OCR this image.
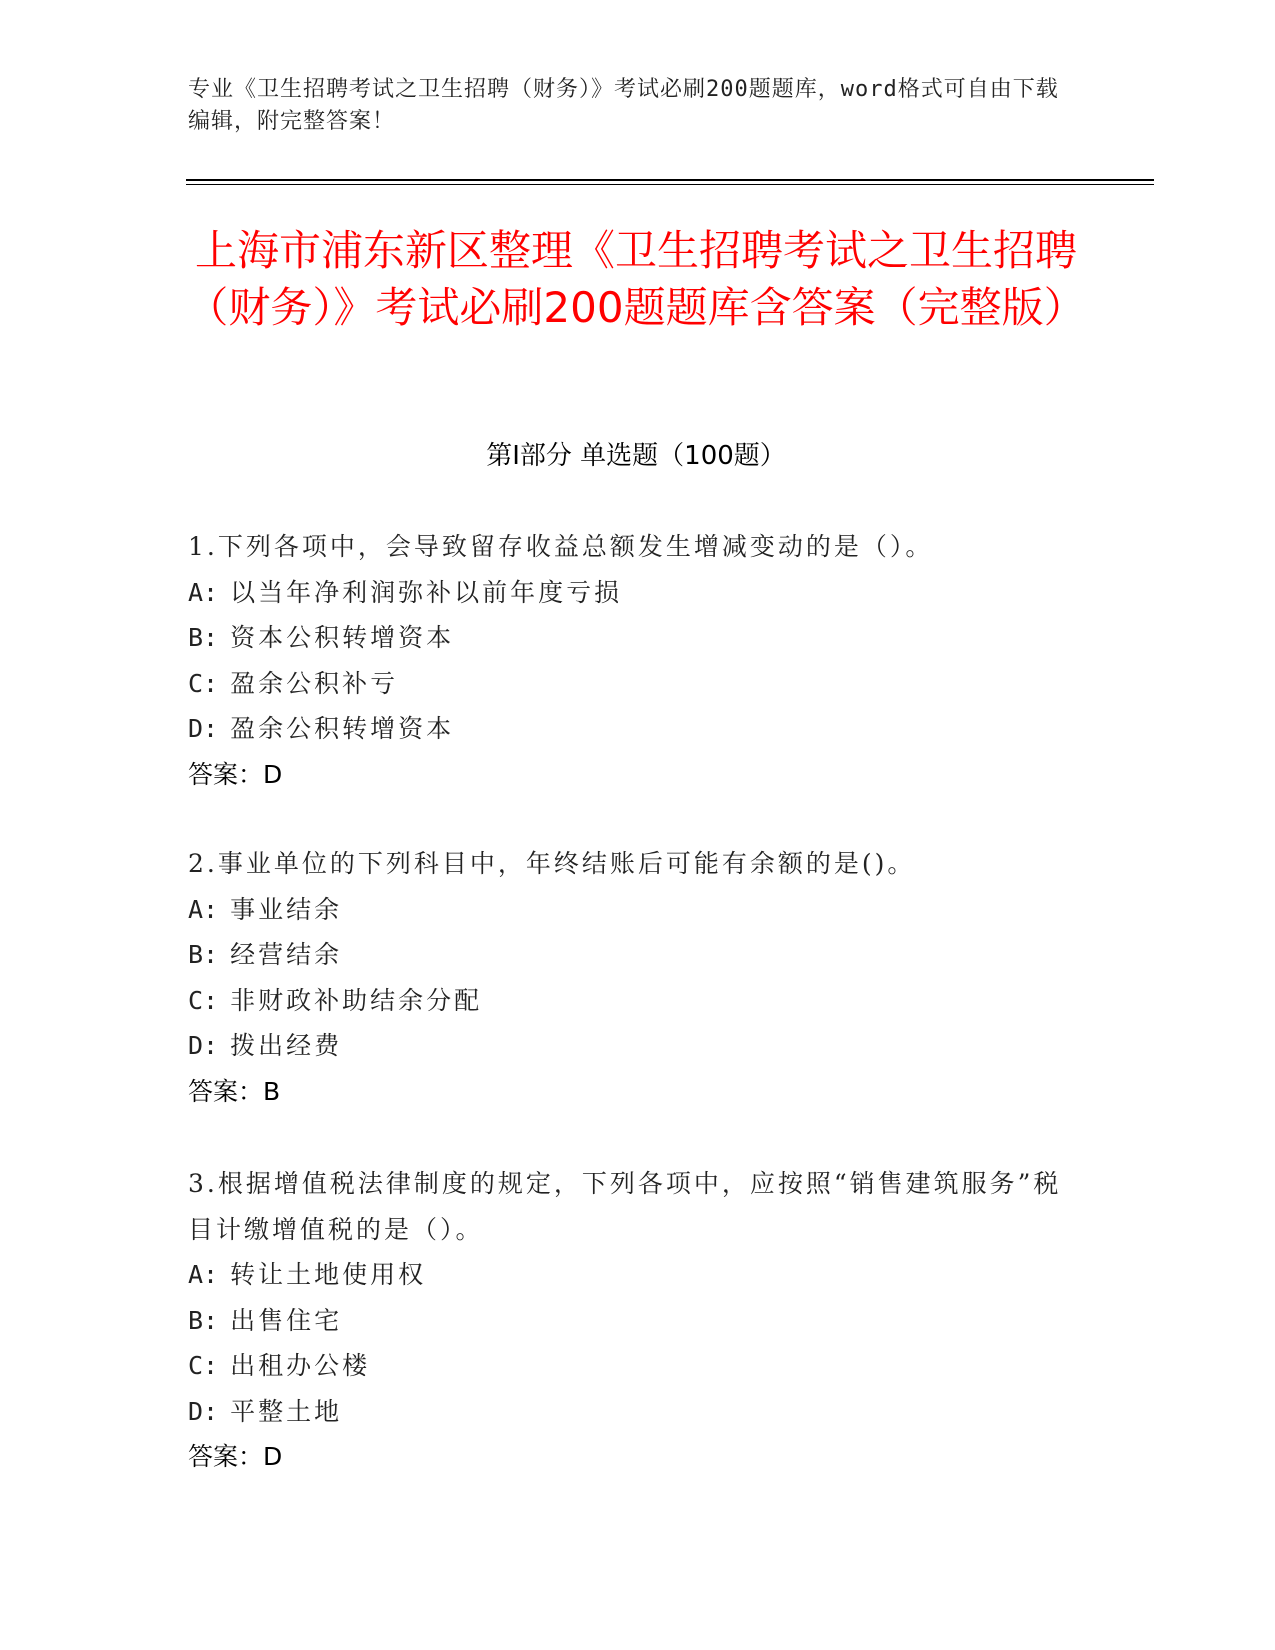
专业《卫生招聘考试之卫生招聘（财务）》考试必刷200题题库，word格式可自由下载编辑，附完整答案！
上海市浦东新区整理《卫生招聘考试之卫生招聘（财务）》考试必刷200题题库含答案（完整版）
第Ⅰ部分 单选题（100题）
1.下列各项中，会导致留存收益总额发生增减变动的是（）。
A: 以当年净利润弥补以前年度亏损
B: 资本公积转增资本
C: 盈余公积补亏
D: 盈余公积转增资本
答案：D
2.事业单位的下列科目中，年终结账后可能有余额的是()。
A: 事业结余
B: 经营结余
C: 非财政补助结余分配
D: 拨出经费
答案：B
3.根据增值税法律制度的规定，下列各项中，应按照“销售建筑服务”税目计缴增值税的是（）。
A: 转让土地使用权
B: 出售住宅
C: 出租办公楼
D: 平整土地
答案：D
